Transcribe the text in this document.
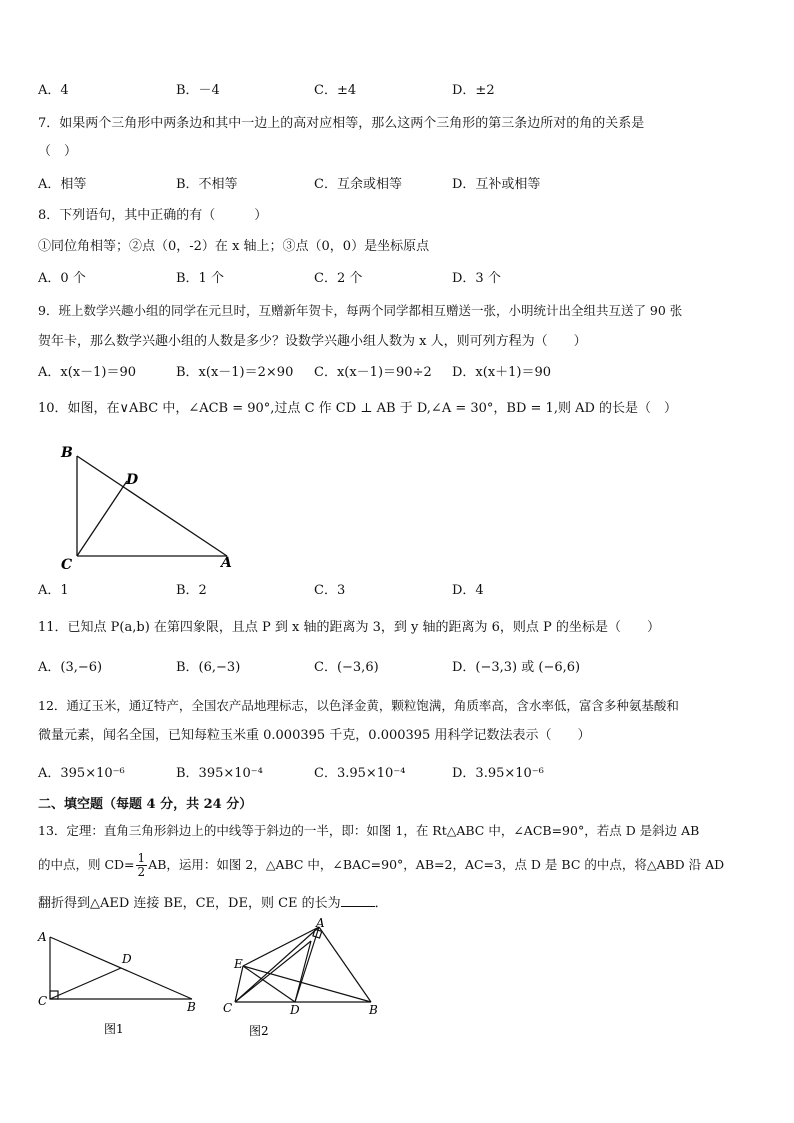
A．4	B．－4	C．±4	D．±2
7．如果两个三角形中两条边和其中一边上的高对应相等，那么这两个三角形的第三条边所对的角的关系是
（　）
A．相等	B．不相等	C．互余或相等	D．互补或相等
8．下列语句，其中正确的有（　　　）
①同位角相等；②点（0，-2）在 x 轴上；③点（0，0）是坐标原点
A．0 个	B．1 个	C．2 个	D．3 个
9．班上数学兴趣小组的同学在元旦时，互赠新年贺卡，每两个同学都相互赠送一张，小明统计出全组共互送了 90 张
贺年卡，那么数学兴趣小组的人数是多少？设数学兴趣小组人数为 x 人，则可列方程为（　　）
A．x(x－1)＝90	B．x(x－1)＝2×90 C．x(x－1)＝90÷2 D．x(x＋1)＝90
10．如图，在∨ABC 中，∠ACB = 90°,过点 C 作 CD ⊥ AB 于 D,∠A = 30°，BD = 1,则 AD 的长是（　）
B
D
C	A
A．1	B．2	C．3	D．4
11．已知点 P(a,b) 在第四象限，且点 P 到 x 轴的距离为 3，到 y 轴的距离为 6，则点 P 的坐标是（　　）
A．(3,−6)	B．(6,−3)	C．(−3,6)	D．(−3,3) 或 (−6,6)
12．通辽玉米，通辽特产，全国农产品地理标志，以色泽金黄，颗粒饱满，角质率高，含水率低，富含多种氨基酸和
微量元素，闻名全国，已知每粒玉米重 0.000395 千克，0.000395 用科学记数法表示（　　）
A．395×10⁻⁶	B．395×10⁻⁴	C．3.95×10⁻⁴	D．3.95×10⁻⁶
二、填空题（每题 4 分，共 24 分）
13．定理：直角三角形斜边上的中线等于斜边的一半，即：如图 1，在 Rt△ABC 中，∠ACB=90°，若点 D 是斜边 AB
的中点，则 $CD= \frac{1}{2}$ AB，运用：如图 2，△ABC 中，∠BAC=90°，AB=2，AC=3，点 D 是 BC 的中点，将△ABD 沿 AD
翻折得到△AED 连接 BE，CE，DE，则 CE 的长为	．
A
D
C	B
图1
A
E
C	D	B
图2
